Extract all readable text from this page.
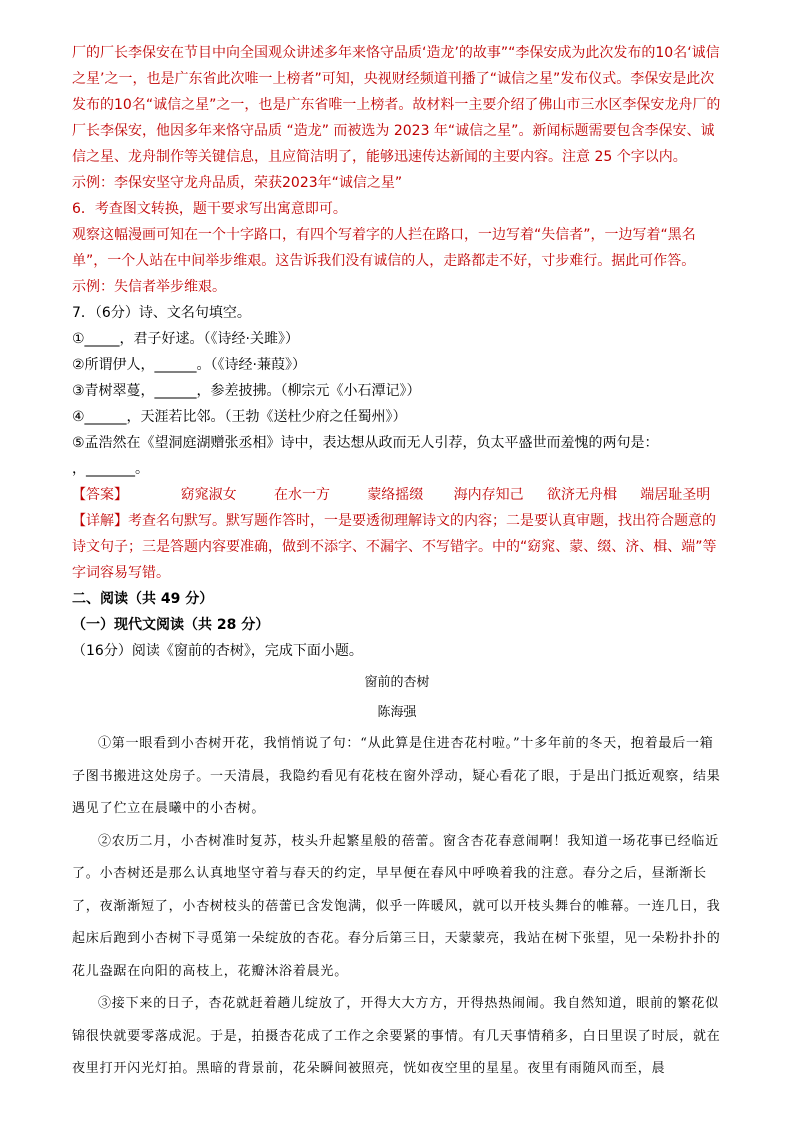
厂的厂长李保安在节目中向全国观众讲述多年来恪守品质‘造龙’的故事”“李保安成为此次发布的10名‘诚信之星’之一，也是广东省此次唯一上榜者”可知，央视财经频道刊播了“诚信之星”发布仪式。李保安是此次发布的10名“诚信之星”之一，也是广东省唯一上榜者。故材料一主要介绍了佛山市三水区李保安龙舟厂的厂长李保安，他因多年来恪守品质 “造龙” 而被选为 2023 年“诚信之星”。新闻标题需要包含李保安、诚信之星、龙舟制作等关键信息，且应简洁明了，能够迅速传达新闻的主要内容。注意 25 个字以内。

示例：李保安坚守龙舟品质，荣获2023年“诚信之星”

6．考查图文转换，题干要求写出寓意即可。

观察这幅漫画可知在一个十字路口，有四个写着字的人拦在路口，一边写着“失信者”，一边写着“黑名单”，一个人站在中间举步维艰。这告诉我们没有诚信的人，走路都走不好，寸步难行。据此可作答。

示例：失信者举步维艰。

7．（6分）诗、文名句填空。

①_____，君子好逑。（《诗经·关雎》）

②所谓伊人，______。（《诗经·蒹葭》）

③青树翠蔓，______，参差披拂。（柳宗元《小石潭记》）

④______，天涯若比邻。（王勃《送杜少府之任蜀州》）

⑤孟浩然在《望洞庭湖赠张丞相》诗中，表达想从政而无人引荐，负太平盛世而羞愧的两句是：

，_______。

【答案】	窈窕淑女	在水一方	蒙络摇缀	海内存知己	欲济无舟楫	端居耻圣明

【详解】考查名句默写。默写题作答时，一是要透彻理解诗文的内容；二是要认真审题，找出符合题意的诗文句子；三是答题内容要准确，做到不添字、不漏字、不写错字。中的“窈窕、蒙、缀、济、楫、端”等字词容易写错。

二、阅读（共 49 分）

（一）现代文阅读（共 28 分）

（16分）阅读《窗前的杏树》，完成下面小题。

窗前的杏树

陈海强

①第一眼看到小杏树开花，我悄悄说了句：“从此算是住进杏花村啦。”十多年前的冬天，抱着最后一箱子图书搬进这处房子。一天清晨，我隐约看见有花枝在窗外浮动，疑心看花了眼，于是出门抵近观察，结果遇见了伫立在晨曦中的小杏树。

②农历二月，小杏树准时复苏，枝头升起繁星般的蓓蕾。窗含杏花春意闹啊！我知道一场花事已经临近了。小杏树还是那么认真地坚守着与春天的约定，早早便在春风中呼唤着我的注意。春分之后，昼渐渐长了，夜渐渐短了，小杏树枝头的蓓蕾已含发饱满，似乎一阵暖风，就可以开枝头舞台的帷幕。一连几日，我起床后跑到小杏树下寻觅第一朵绽放的杏花。春分后第三日，天蒙蒙亮，我站在树下张望，见一朵粉扑扑的花儿盎踞在向阳的高枝上，花瓣沐浴着晨光。

③接下来的日子，杏花就赶着趟儿绽放了，开得大大方方，开得热热闹闹。我自然知道，眼前的繁花似锦很快就要零落成泥。于是，拍摄杏花成了工作之余要紧的事情。有几天事情稍多，白日里误了时辰，就在夜里打开闪光灯拍。黑暗的背景前，花朵瞬间被照亮，恍如夜空里的星星。夜里有雨随风而至，晨
